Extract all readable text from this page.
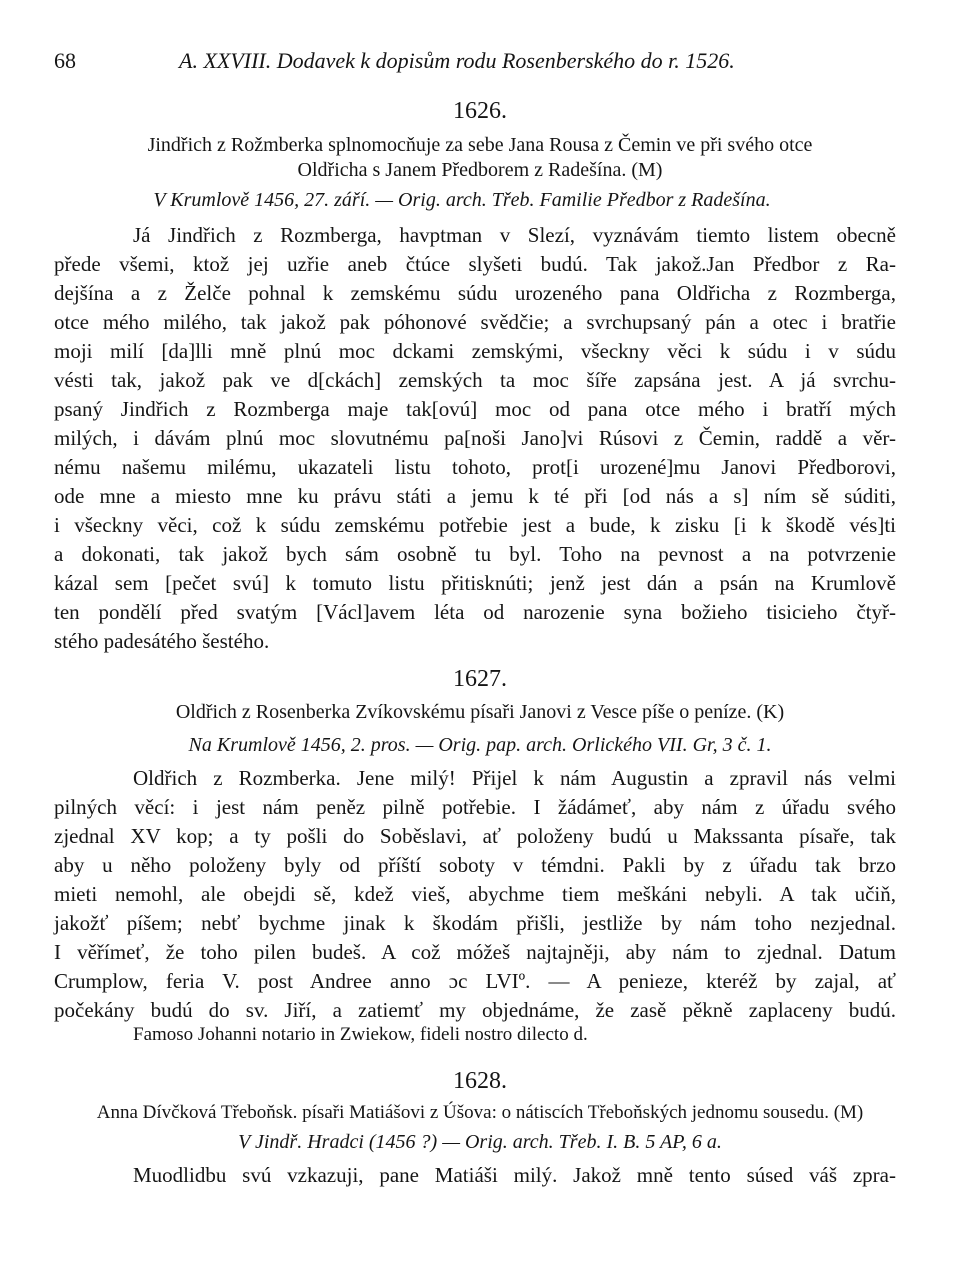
68	A. XXVIII. Dodavek k dopisům rodu Rosenberského do r. 1526.
1626.
Jindřich z Rožmberka splnomocňuje za sebe Jana Rousa z Čemin ve při svého otce
Oldřicha s Janem Předborem z Radešína. (M)
V Krumlově 1456, 27. září. — Orig. arch. Třeb. Familie Předbor z Radešína.
Já Jindřich z Rozmberga, havptman v Slezí, vyznávám tiemto listem obecně
přede všemi, ktož jej uzřie aneb čtúce slyšeti budú. Tak jakož.Jan Předbor z Ra-
dejšína a z Želče pohnal k zemskému súdu urozeného pana Oldřicha z Rozmberga,
otce mého milého, tak jakož pak póhonové svědčie; a svrchupsaný pán a otec i bratřie
moji milí [da]lli mně plnú moc dckami zemskými, všeckny věci k súdu i v súdu
vésti tak, jakož pak ve d[ckách] zemských ta moc šíře zapsána jest. A já svrchu-
psaný Jindřich z Rozmberga maje tak[ovú] moc od pana otce mého i bratří mých
milých, i dávám plnú moc slovutnému pa[noši Jano]vi Rúsovi z Čemin, raddě a věr-
nému našemu milému, ukazateli listu tohoto, prot[i urozené]mu Janovi Předborovi,
ode mne a miesto mne ku právu státi a jemu k té při [od nás a s] ním sě súditi,
i všeckny věci, což k súdu zemskému potřebie jest a bude, k zisku [i k škodě vés]ti
a dokonati, tak jakož bych sám osobně tu byl. Toho na pevnost a na potvrzenie
kázal sem [pečet svú] k tomuto listu přitisknúti; jenž jest dán a psán na Krumlově
ten pondělí před svatým [Václ]avem léta od narozenie syna božieho tisicieho čtyř-
stého padesátého šestého.
1627.
Oldřich z Rosenberka Zvíkovskému písaři Janovi z Vesce píše o peníze. (K)
Na Krumlově 1456, 2. pros. — Orig. pap. arch. Orlického VII. Gr, 3 č. 1.
Oldřich z Rozmberka. Jene milý! Přijel k nám Augustin a zpravil nás velmi
pilných věcí: i jest nám peněz pilně potřebie. I žádámeť, aby nám z úřadu svého
zjednal XV kop; a ty pošli do Soběslavi, ať položeny budú u Makssanta písaře, tak
aby u něho položeny byly od příští soboty v témdni. Pakli by z úřadu tak brzo
mieti nemohl, ale obejdi sě, kdež vieš, abychme tiem meškáni nebyli. A tak učiň,
jakožť píšem; nebť bychme jinak k škodám přišli, jestliže by nám toho nezjednal.
I věřímeť, že toho pilen budeš. A což móžeš najtajněji, aby nám to zjednal. Datum
Crumplow, feria V. post Andree anno ɔc LVIº. — A penieze, kteréž by zajal, ať
počekány budú do sv. Jiří, a zatiemť my objednáme, že zasě pěkně zaplaceny budú.
Famoso Johanni notario in Zwiekow, fideli nostro dilecto d.
1628.
Anna Dívčková Třeboňsk. písaři Matiášovi z Úšova: o nátiscích Třeboňských jednomu sousedu. (M)
V Jindř. Hradci (1456 ?) — Orig. arch. Třeb. I. B. 5 AP, 6 a.
Muodlidbu svú vzkazuji, pane Matiáši milý. Jakož mně tento súsed váš zpra-
